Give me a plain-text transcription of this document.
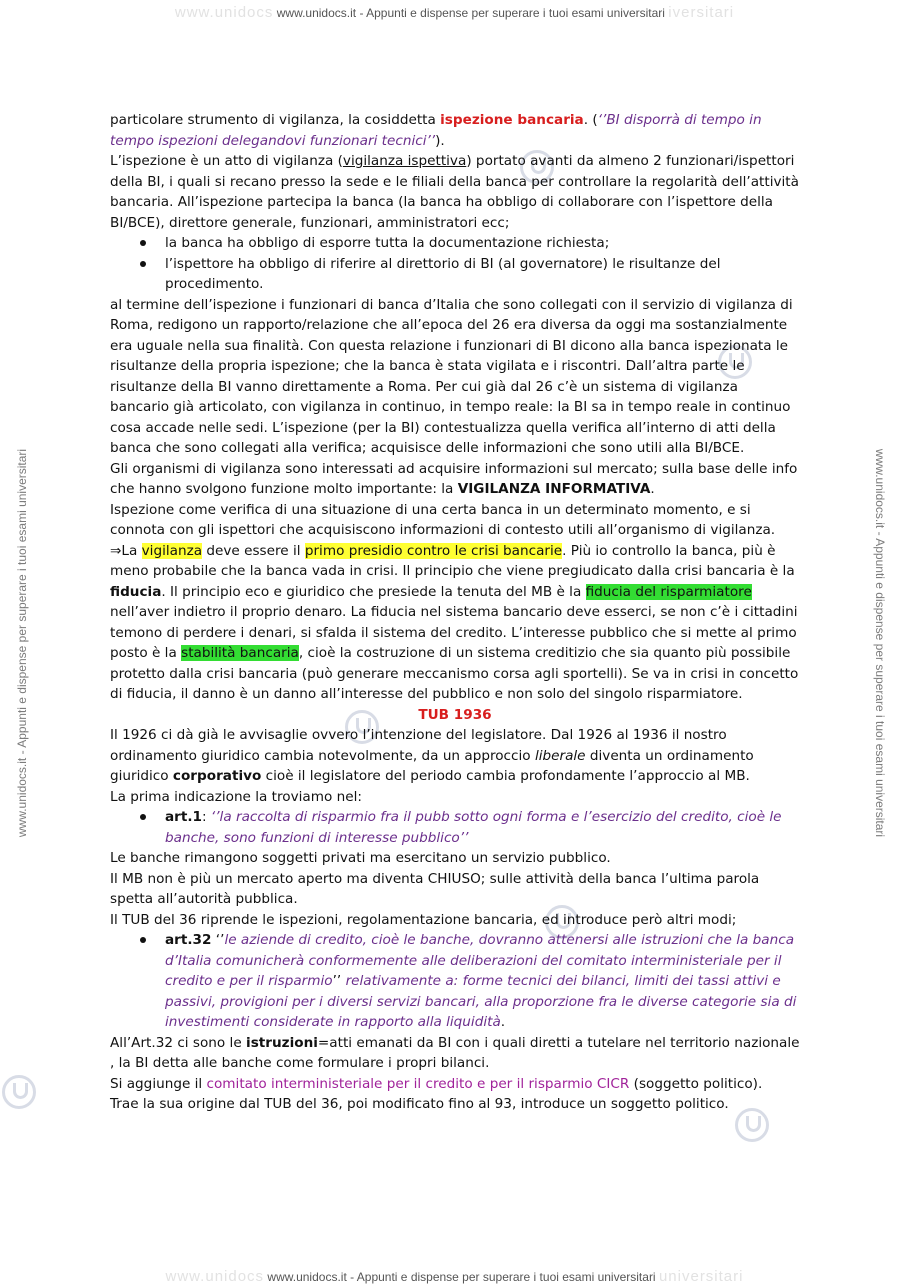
www.unidocs www.unidocs.it - Appunti e dispense per superare i tuoi esami universitari iversitari
www.unidocs.it - Appunti e dispense per superare i tuoi esami universitari	www.unidocs.it - Appunti e dispense per superare i tuoi esami universitari

particolare strumento di vigilanza, la cosiddetta ispezione bancaria. (‘’BI disporrà di tempo in tempo ispezioni delegandovi funzionari tecnici’’).

L’ispezione è un atto di vigilanza (vigilanza ispettiva) portato avanti da almeno 2 funzionari/ispettori della BI, i quali si recano presso la sede e le filiali della banca per controllare la regolarità dell’attività bancaria. All’ispezione partecipa la banca (la banca ha obbligo di collaborare con l’ispettore della BI/BCE), direttore generale, funzionari, amministratori ecc;

la banca ha obbligo di esporre tutta la documentazione richiesta;
l’ispettore ha obbligo di riferire al direttorio di BI (al governatore) le risultanze del procedimento.

al termine dell’ispezione i funzionari di banca d’Italia che sono collegati con il servizio di vigilanza di Roma, redigono un rapporto/relazione che all’epoca del 26 era diversa da oggi ma sostanzialmente era uguale nella sua finalità. Con questa relazione i funzionari di BI dicono alla banca ispezionata le risultanze della propria ispezione; che la banca è stata vigilata e i riscontri. Dall’altra parte le risultanze della BI vanno direttamente a Roma. Per cui già dal 26 c’è un sistema di vigilanza bancario già articolato, con vigilanza in continuo, in tempo reale: la BI sa in tempo reale in continuo cosa accade nelle sedi. L’ispezione (per la BI) contestualizza quella verifica all’interno di atti della banca che sono collegati alla verifica; acquisisce delle informazioni che sono utili alla BI/BCE.

Gli organismi di vigilanza sono interessati ad acquisire informazioni sul mercato; sulla base delle info che hanno svolgono funzione molto importante: la VIGILANZA INFORMATIVA.

Ispezione come verifica di una situazione di una certa banca in un determinato momento, e si connota con gli ispettori che acquisiscono informazioni di contesto utili all’organismo di vigilanza.

⇒La vigilanza deve essere il primo presidio contro le crisi bancarie. Più io controllo la banca, più è meno probabile che la banca vada in crisi. Il principio che viene pregiudicato dalla crisi bancaria è la fiducia. Il principio eco e giuridico che presiede la tenuta del MB è la fiducia del risparmiatore nell’aver indietro il proprio denaro. La fiducia nel sistema bancario deve esserci, se non c’è i cittadini temono di perdere i denari, si sfalda il sistema del credito. L’interesse pubblico che si mette al primo posto è la stabilità bancaria, cioè la costruzione di un sistema creditizio che sia quanto più possibile protetto dalla crisi bancaria (può generare meccanismo corsa agli sportelli). Se va in crisi in concetto di fiducia, il danno è un danno all’interesse del pubblico e non solo del singolo risparmiatore.

TUB 1936

Il 1926 ci dà già le avvisaglie ovvero l’intenzione del legislatore. Dal 1926 al 1936 il nostro ordinamento giuridico cambia notevolmente, da un approccio liberale diventa un ordinamento giuridico corporativo cioè il legislatore del periodo cambia profondamente l’approccio al MB.

La prima indicazione la troviamo nel:

art.1: ‘’la raccolta di risparmio fra il pubb sotto ogni forma e l’esercizio del credito, cioè le banche, sono funzioni di interesse pubblico’’

Le banche rimangono soggetti privati ma esercitano un servizio pubblico.

Il MB non è più un mercato aperto ma diventa CHIUSO; sulle attività della banca l’ultima parola spetta all’autorità pubblica.

Il TUB del 36 riprende le ispezioni, regolamentazione bancaria, ed introduce però altri modi;

art.32 ‘’le aziende di credito, cioè le banche, dovranno attenersi alle istruzioni che la banca d’Italia comunicherà conformemente alle deliberazioni del comitato interministeriale per il credito e per il risparmio’’ relativamente a: forme tecnici dei bilanci, limiti dei tassi attivi e passivi, provigioni per i diversi servizi bancari, alla proporzione fra le diverse categorie sia di investimenti considerate in rapporto alla liquidità.

All’Art.32 ci sono le istruzioni=atti emanati da BI con i quali diretti a tutelare nel territorio nazionale , la BI detta alle banche come formulare i propri bilanci.

Si aggiunge il comitato interministeriale per il credito e per il risparmio CICR (soggetto politico).

Trae la sua origine dal TUB del 36, poi modificato fino al 93, introduce un soggetto politico.

www.unidocs www.unidocs.it - Appunti e dispense per superare i tuoi esami universitari universitari
